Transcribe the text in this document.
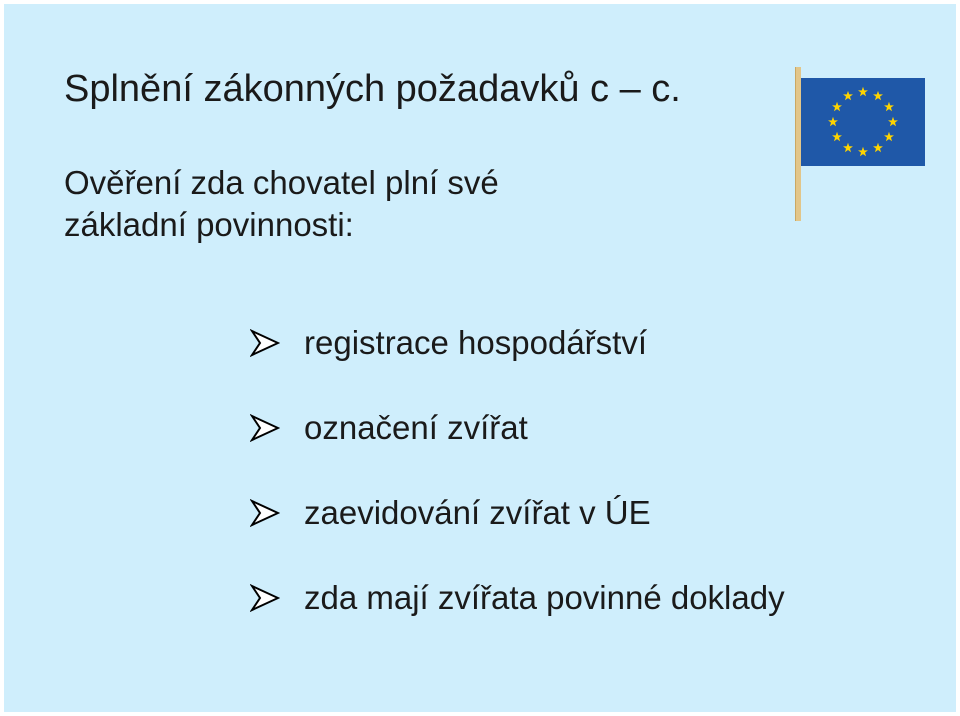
Splnění zákonných požadavků c – c.
Ověření zda chovatel plní své
základní povinnosti:
registrace hospodářství
označení zvířat
zaevidování zvířat v ÚE
zda mají zvířata povinné doklady
